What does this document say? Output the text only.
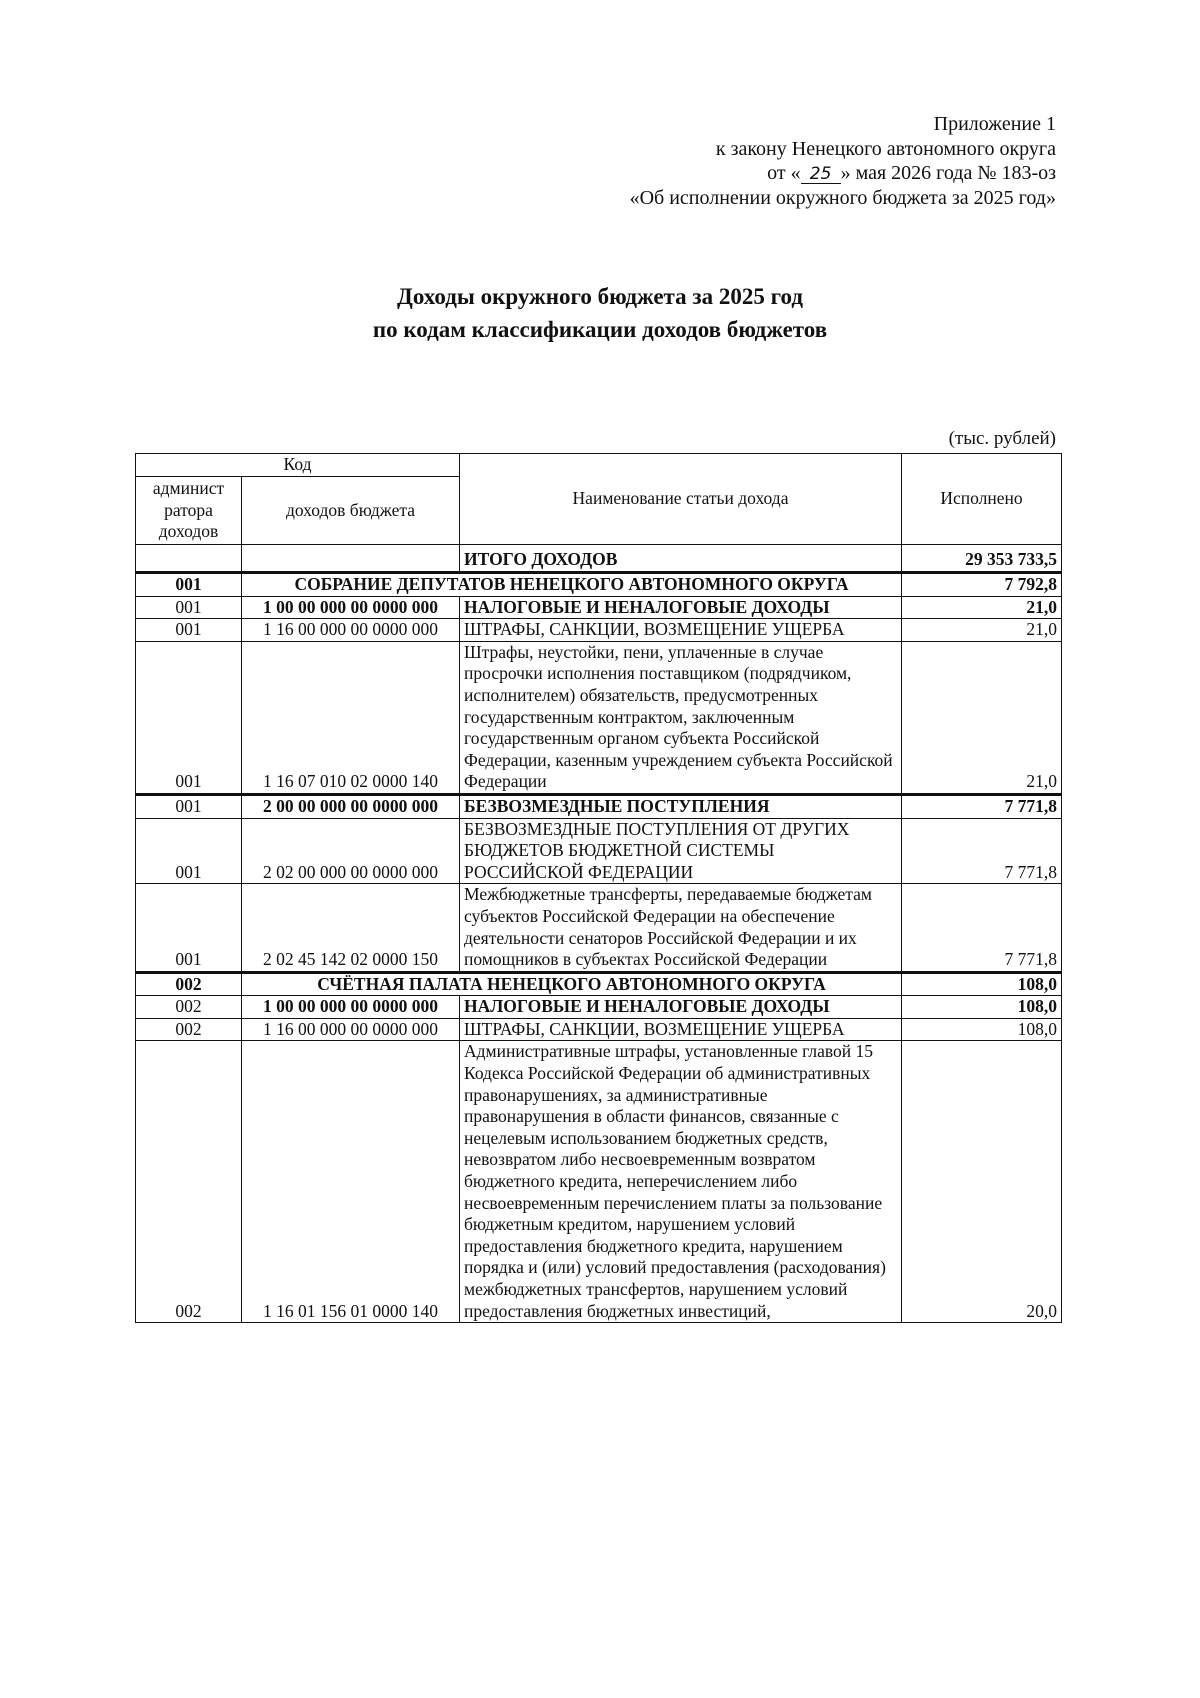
Приложение 1
к закону Ненецкого автономного округа
от « 25 » мая 2026 года № 183-оз
«Об исполнении окружного бюджета за 2025 год»
Доходы окружного бюджета за 2025 год
по кодам классификации доходов бюджетов
(тыс. рублей)
Код		Наименование статьи дохода	Исполнено
админист ратора доходов	доходов бюджета		
		ИТОГО ДОХОДОВ	29 353 733,5
001	СОБРАНИЕ ДЕПУТАТОВ НЕНЕЦКОГО АВТОНОМНОГО ОКРУГА		7 792,8
001	1 00 00 000 00 0000 000	НАЛОГОВЫЕ И НЕНАЛОГОВЫЕ ДОХОДЫ	21,0
001	1 16 00 000 00 0000 000	ШТРАФЫ, САНКЦИИ, ВОЗМЕЩЕНИЕ УЩЕРБА	21,0
001	1 16 07 010 02 0000 140	Штрафы, неустойки, пени, уплаченные в случае просрочки исполнения поставщиком (подрядчиком, исполнителем) обязательств, предусмотренных государственным контрактом, заключенным государственным органом субъекта Российской Федерации, казенным учреждением субъекта Российской Федерации	21,0
001	2 00 00 000 00 0000 000	БЕЗВОЗМЕЗДНЫЕ ПОСТУПЛЕНИЯ	7 771,8
001	2 02 00 000 00 0000 000	БЕЗВОЗМЕЗДНЫЕ ПОСТУПЛЕНИЯ ОТ ДРУГИХ БЮДЖЕТОВ БЮДЖЕТНОЙ СИСТЕМЫ РОССИЙСКОЙ ФЕДЕРАЦИИ	7 771,8
001	2 02 45 142 02 0000 150	Межбюджетные трансферты, передаваемые бюджетам субъектов Российской Федерации на обеспечение деятельности сенаторов Российской Федерации и их помощников в субъектах Российской Федерации	7 771,8
002	СЧЁТНАЯ ПАЛАТА НЕНЕЦКОГО АВТОНОМНОГО ОКРУГА		108,0
002	1 00 00 000 00 0000 000	НАЛОГОВЫЕ И НЕНАЛОГОВЫЕ ДОХОДЫ	108,0
002	1 16 00 000 00 0000 000	ШТРАФЫ, САНКЦИИ, ВОЗМЕЩЕНИЕ УЩЕРБА	108,0
002	1 16 01 156 01 0000 140	Административные штрафы, установленные главой 15 Кодекса Российской Федерации об административных правонарушениях, за административные правонарушения в области финансов, связанные с нецелевым использованием бюджетных средств, невозвратом либо несвоевременным возвратом бюджетного кредита, неперечислением либо несвоевременным перечислением платы за пользование бюджетным кредитом, нарушением условий предоставления бюджетного кредита, нарушением порядка и (или) условий предоставления (расходования) межбюджетных трансфертов, нарушением условий предоставления бюджетных инвестиций,	20,0
